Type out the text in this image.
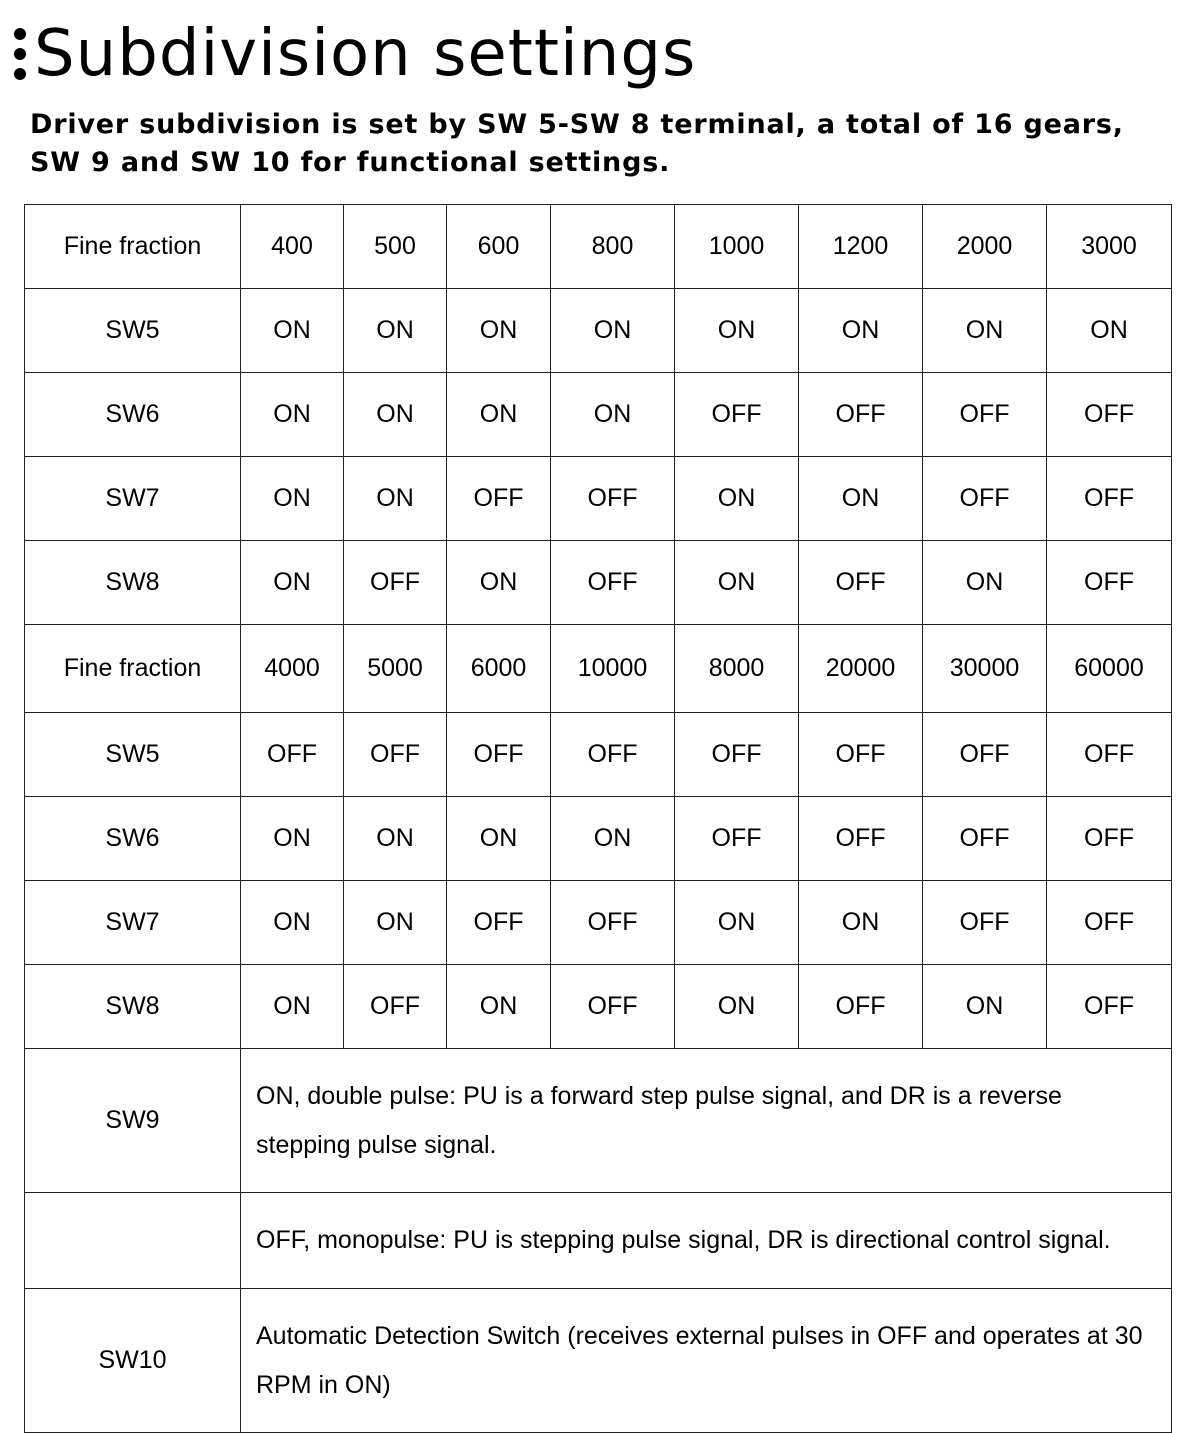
Subdivision settings
Driver subdivision is set by SW 5-SW 8 terminal, a total of 16 gears, SW 9 and SW 10 for functional settings.
Fine fraction	400	500	600	800	1000	1200	2000	3000
SW5	ON	ON	ON	ON	ON	ON	ON	ON
SW6	ON	ON	ON	ON	OFF	OFF	OFF	OFF
SW7	ON	ON	OFF	OFF	ON	ON	OFF	OFF
SW8	ON	OFF	ON	OFF	ON	OFF	ON	OFF
Fine fraction	4000	5000	6000	10000	8000	20000	30000	60000
SW5	OFF	OFF	OFF	OFF	OFF	OFF	OFF	OFF
SW6	ON	ON	ON	ON	OFF	OFF	OFF	OFF
SW7	ON	ON	OFF	OFF	ON	ON	OFF	OFF
SW8	ON	OFF	ON	OFF	ON	OFF	ON	OFF
SW9	ON, double pulse: PU is a forward step pulse signal, and DR is a reverse stepping pulse signal.							
	OFF, monopulse: PU is stepping pulse signal, DR is directional control signal.							
SW10	Automatic Detection Switch (receives external pulses in OFF and operates at 30 RPM in ON)							
